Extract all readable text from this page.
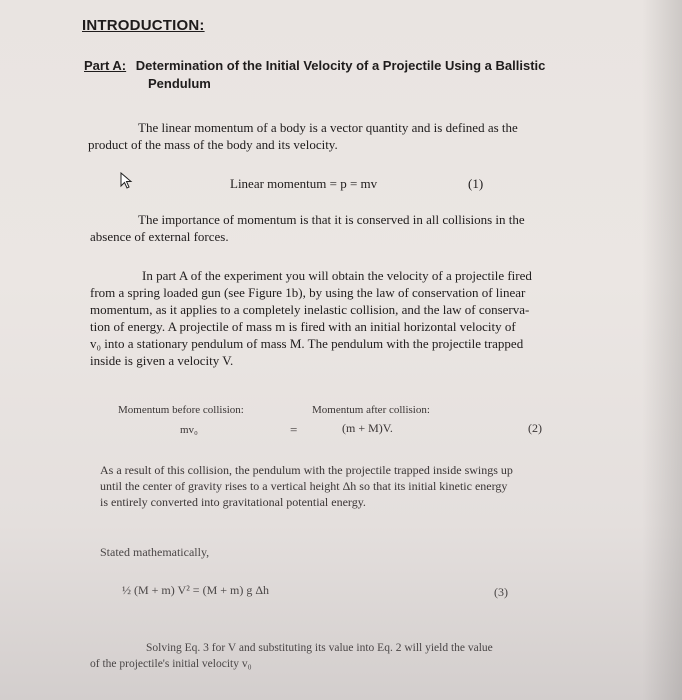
INTRODUCTION:
Part A: Determination of the Initial Velocity of a Projectile Using a Ballistic
Pendulum
The linear momentum of a body is a vector quantity and is defined as the
product of the mass of the body and its velocity.
Linear momentum = p = mv	(1)
The importance of momentum is that it is conserved in all collisions in the
absence of external forces.
In part A of the experiment you will obtain the velocity of a projectile fired
from a spring loaded gun (see Figure 1b), by using the law of conservation of linear
momentum, as it applies to a completely inelastic collision, and the law of conserva-
tion of energy. A projectile of mass m is fired with an initial horizontal velocity of
v₀ into a stationary pendulum of mass M. The pendulum with the projectile trapped
inside is given a velocity V.
Momentum before collision:
mv₀	=
Momentum after collision:
(m + M)V.	(2)
As a result of this collision, the pendulum with the projectile trapped inside swings up
until the center of gravity rises to a vertical height Δh so that its initial kinetic energy
is entirely converted into gravitational potential energy.
Stated mathematically,
½ (M + m) V² = (M + m) g Δh	(3)
Solving Eq. 3 for V and substituting its value into Eq. 2 will yield the value
of the projectile's initial velocity v₀
